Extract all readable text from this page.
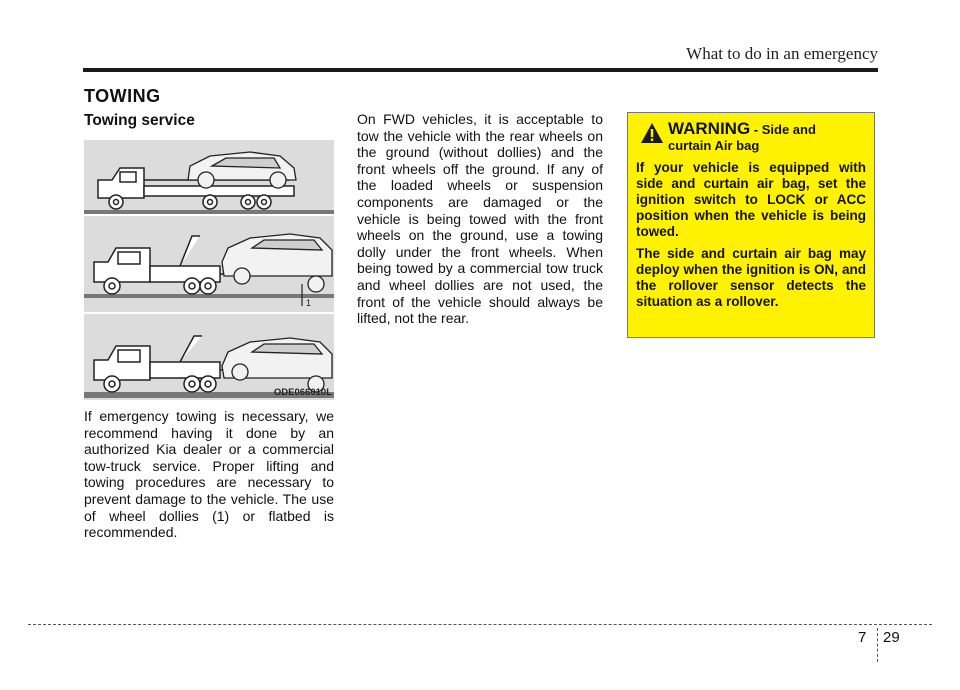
What to do in an emergency
TOWING
Towing service
1
ODE066010L

If emergency towing is necessary, we recommend having it done by an authorized Kia dealer or a commercial tow-truck service. Proper lifting and towing procedures are necessary to prevent damage to the vehicle. The use of wheel dollies (1) or flatbed is recommended.

On FWD vehicles, it is acceptable to tow the vehicle with the rear wheels on the ground (without dollies) and the front wheels off the ground. If any of the loaded wheels or suspension components are damaged or the vehicle is being towed with the front wheels on the ground, use a towing dolly under the front wheels. When being towed by a commercial tow truck and wheel dollies are not used, the front of the vehicle should always be lifted, not the rear.

WARNING - Side and
curtain Air bag

If your vehicle is equipped with side and curtain air bag, set the ignition switch to LOCK or ACC position when the vehicle is being towed.

The side and curtain air bag may deploy when the ignition is ON, and the rollover sensor detects the situation as a rollover.

7 29
